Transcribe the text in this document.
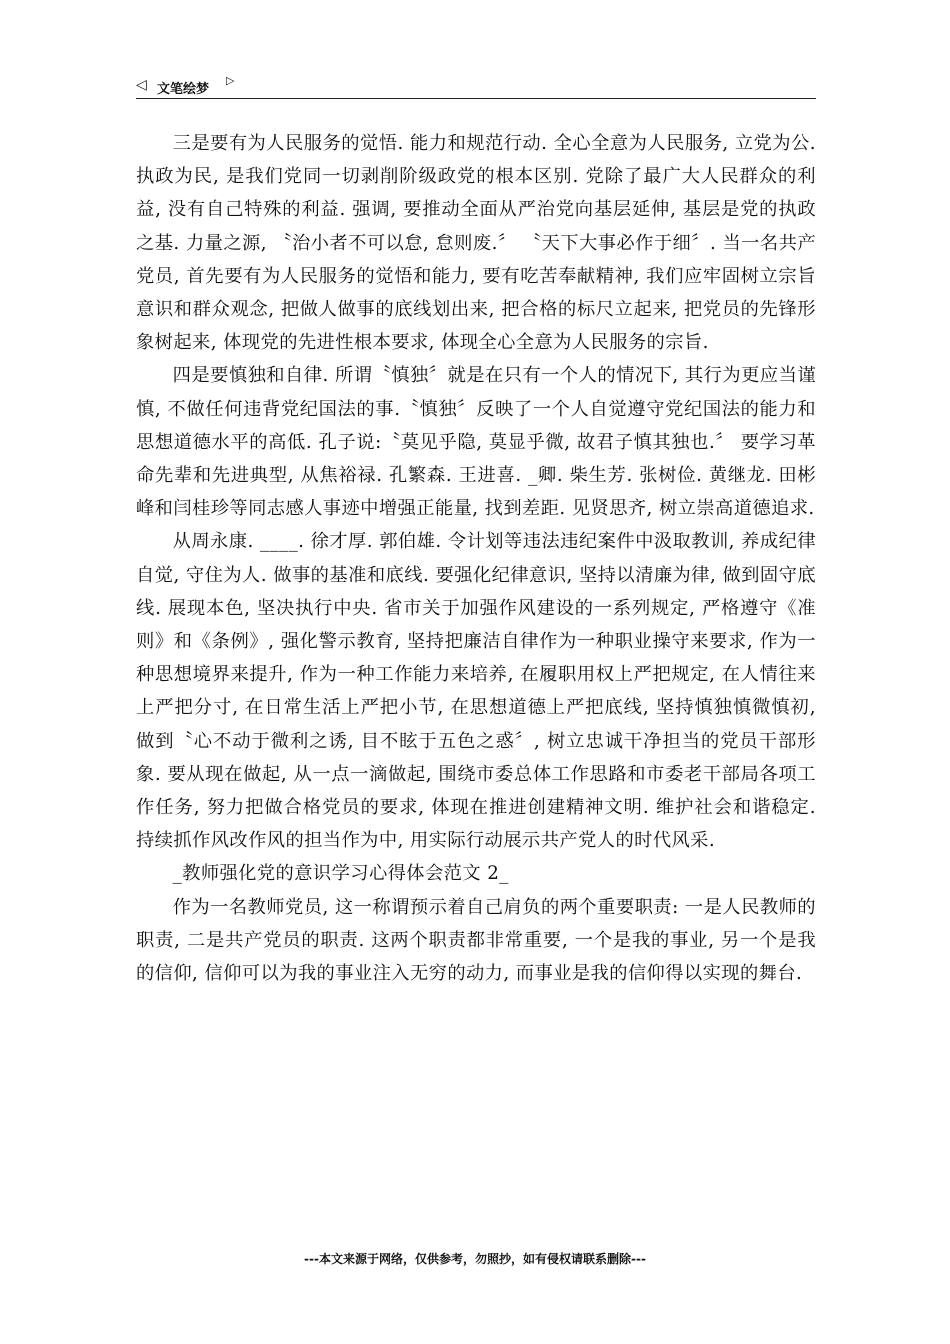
◁ 文笔绘梦
▷

三是要有为人民服务的觉悟. 能力和规范行动. 全心全意为人民服务, 立党为公. 执政为民, 是我们党同一切剥削阶级政党的根本区别. 党除了最广大人民群众的利益, 没有自己特殊的利益. 强调, 要推动全面从严治党向基层延伸, 基层是党的执政之基. 力量之源, 〝治小者不可以怠, 怠则废.〞 〝天下大事必作于细〞. 当一名共产党员, 首先要有为人民服务的觉悟和能力, 要有吃苦奉献精神, 我们应牢固树立宗旨意识和群众观念, 把做人做事的底线划出来, 把合格的标尺立起来, 把党员的先锋形象树起来, 体现党的先进性根本要求, 体现全心全意为人民服务的宗旨.

四是要慎独和自律. 所谓〝慎独〞就是在只有一个人的情况下, 其行为更应当谨慎, 不做任何违背党纪国法的事.〝慎独〞反映了一个人自觉遵守党纪国法的能力和思想道德水平的高低. 孔子说:〝莫见乎隐, 莫显乎微, 故君子慎其独也.〞 要学习革命先辈和先进典型, 从焦裕禄. 孔繁森. 王进喜. _卿. 柴生芳. 张树俭. 黄继龙. 田彬峰和闫桂珍等同志感人事迹中增强正能量, 找到差距. 见贤思齐, 树立崇高道德追求.

从周永康. ____. 徐才厚. 郭伯雄. 令计划等违法违纪案件中汲取教训, 养成纪律自觉, 守住为人. 做事的基准和底线. 要强化纪律意识, 坚持以清廉为律, 做到固守底线. 展现本色, 坚决执行中央. 省市关于加强作风建设的一系列规定, 严格遵守《准则》和《条例》, 强化警示教育, 坚持把廉洁自律作为一种职业操守来要求, 作为一种思想境界来提升, 作为一种工作能力来培养, 在履职用权上严把规定, 在人情往来上严把分寸, 在日常生活上严把小节, 在思想道德上严把底线, 坚持慎独慎微慎初, 做到〝心不动于微利之诱, 目不眩于五色之惑〞, 树立忠诚干净担当的党员干部形象. 要从现在做起, 从一点一滴做起, 围绕市委总体工作思路和市委老干部局各项工作任务, 努力把做合格党员的要求, 体现在推进创建精神文明. 维护社会和谐稳定. 持续抓作风改作风的担当作为中, 用实际行动展示共产党人的时代风采.

_教师强化党的意识学习心得体会范文 2_

作为一名教师党员, 这一称谓预示着自己肩负的两个重要职责: 一是人民教师的职责, 二是共产党员的职责. 这两个职责都非常重要, 一个是我的事业, 另一个是我的信仰, 信仰可以为我的事业注入无穷的动力, 而事业是我的信仰得以实现的舞台.

---本文来源于网络，仅供参考，勿照抄，如有侵权请联系删除---
